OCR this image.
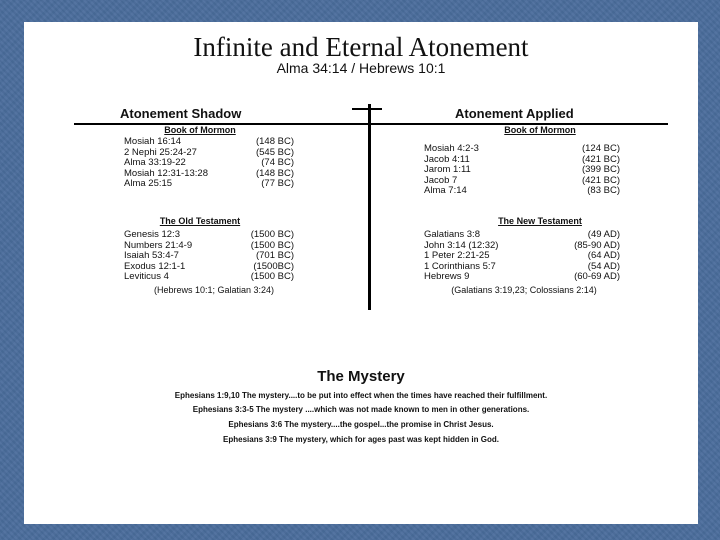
Infinite and Eternal Atonement
Alma 34:14 / Hebrews 10:1
Atonement Shadow	Atonement Applied
Book of Mormon
Mosiah 16:14	(148 BC)
2 Nephi 25:24-27	(545 BC)
Alma 33:19-22	(74 BC)
Mosiah 12:31-13:28	(148 BC)
Alma 25:15	(77 BC)
The Old Testament
Genesis 12:3	(1500 BC)
Numbers 21:4-9	(1500 BC)
Isaiah 53:4-7	(701 BC)
Exodus 12:1-1	(1500BC)
Leviticus 4	(1500 BC)
(Hebrews 10:1; Galatian 3:24)
Book of Mormon
Mosiah 4:2-3	(124 BC)
Jacob 4:11	(421 BC)
Jarom 1:11	(399 BC)
Jacob 7	(421 BC)
Alma 7:14	(83 BC)
The New Testament
Galatians 3:8	(49 AD)
John 3:14 (12:32)	(85-90 AD)
1 Peter 2:21-25	(64 AD)
1 Corinthians 5:7	(54 AD)
Hebrews 9	(60-69 AD)
(Galatians 3:19,23; Colossians 2:14)
The Mystery
Ephesians 1:9,10 The mystery....to be put into effect when the times have reached their fulfillment.
Ephesians 3:3-5 The mystery ....which was not made known to men in other generations.
Ephesians 3:6 The mystery....the gospel...the promise in Christ Jesus.
Ephesians 3:9 The mystery, which for ages past was kept hidden in God.
